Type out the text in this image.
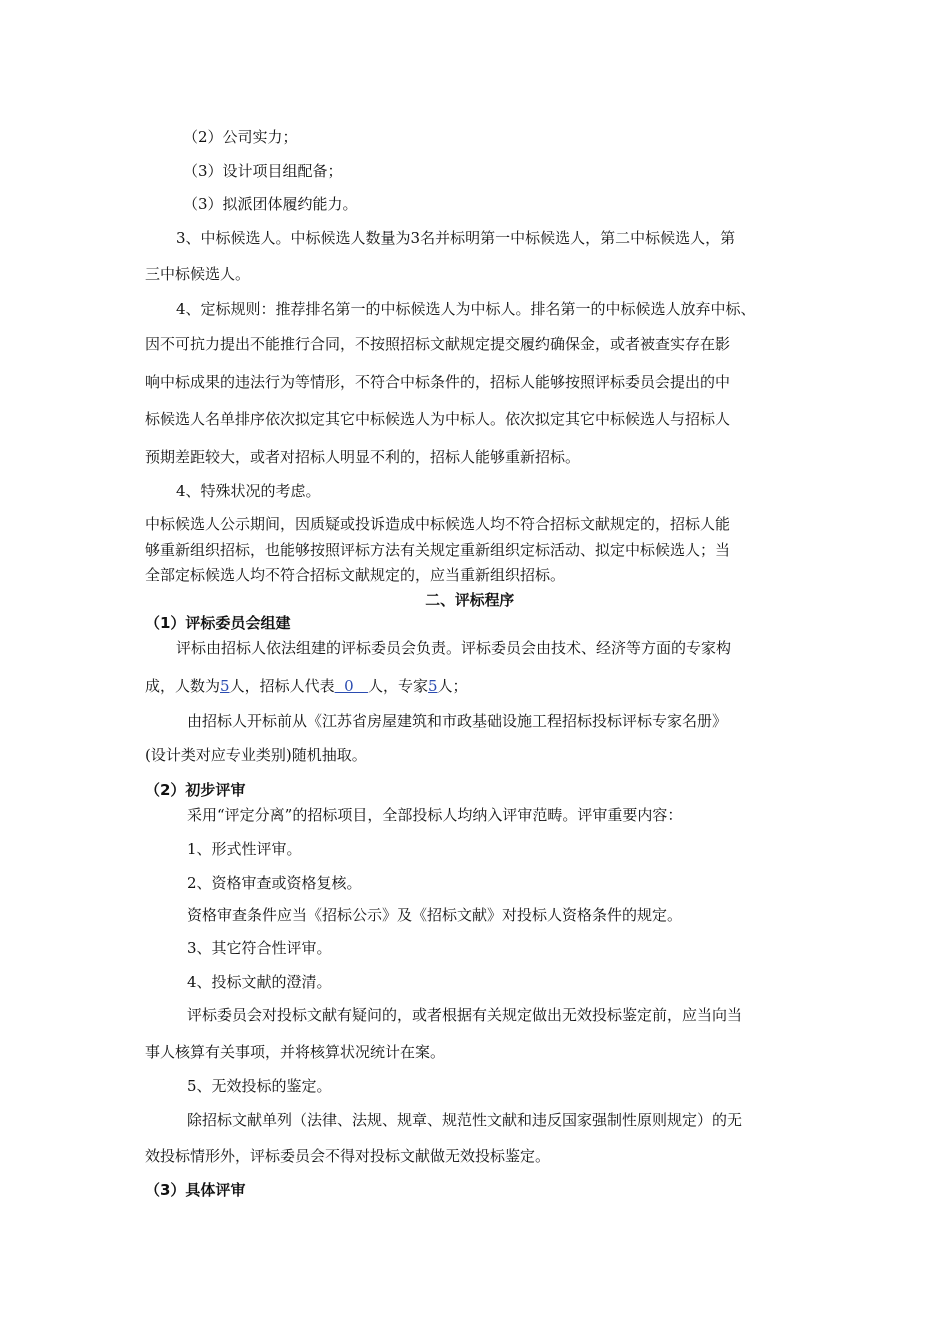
（2）公司实力；
（3）设计项目组配备；
（3）拟派团体履约能力。
3、中标候选人。中标候选人数量为3名并标明第一中标候选人，第二中标候选人，第
三中标候选人。
4、定标规则：推荐排名第一的中标候选人为中标人。排名第一的中标候选人放弃中标、
因不可抗力提出不能推行合同，不按照招标文献规定提交履约确保金，或者被查实存在影
响中标成果的违法行为等情形，不符合中标条件的，招标人能够按照评标委员会提出的中
标候选人名单排序依次拟定其它中标候选人为中标人。依次拟定其它中标候选人与招标人
预期差距较大，或者对招标人明显不利的，招标人能够重新招标。
4、特殊状况的考虑。
中标候选人公示期间，因质疑或投诉造成中标候选人均不符合招标文献规定的，招标人能
够重新组织招标，也能够按照评标方法有关规定重新组织定标活动、拟定中标候选人；当
全部定标候选人均不符合招标文献规定的，应当重新组织招标。
二、评标程序
（1）评标委员会组建
评标由招标人依法组建的评标委员会负责。评标委员会由技术、经济等方面的专家构
成，人数为5人，招标人代表  0   人，专家5人；
由招标人开标前从《江苏省房屋建筑和市政基础设施工程招标投标评标专家名册》
(设计类对应专业类别)随机抽取。
（2）初步评审
采用“评定分离”的招标项目，全部投标人均纳入评审范畴。评审重要内容：
1、形式性评审。
2、资格审查或资格复核。
资格审查条件应当《招标公示》及《招标文献》对投标人资格条件的规定。
3、其它符合性评审。
4、投标文献的澄清。
评标委员会对投标文献有疑问的，或者根据有关规定做出无效投标鉴定前，应当向当
事人核算有关事项，并将核算状况统计在案。
5、无效投标的鉴定。
除招标文献单列（法律、法规、规章、规范性文献和违反国家强制性原则规定）的无
效投标情形外，评标委员会不得对投标文献做无效投标鉴定。
（3）具体评审
